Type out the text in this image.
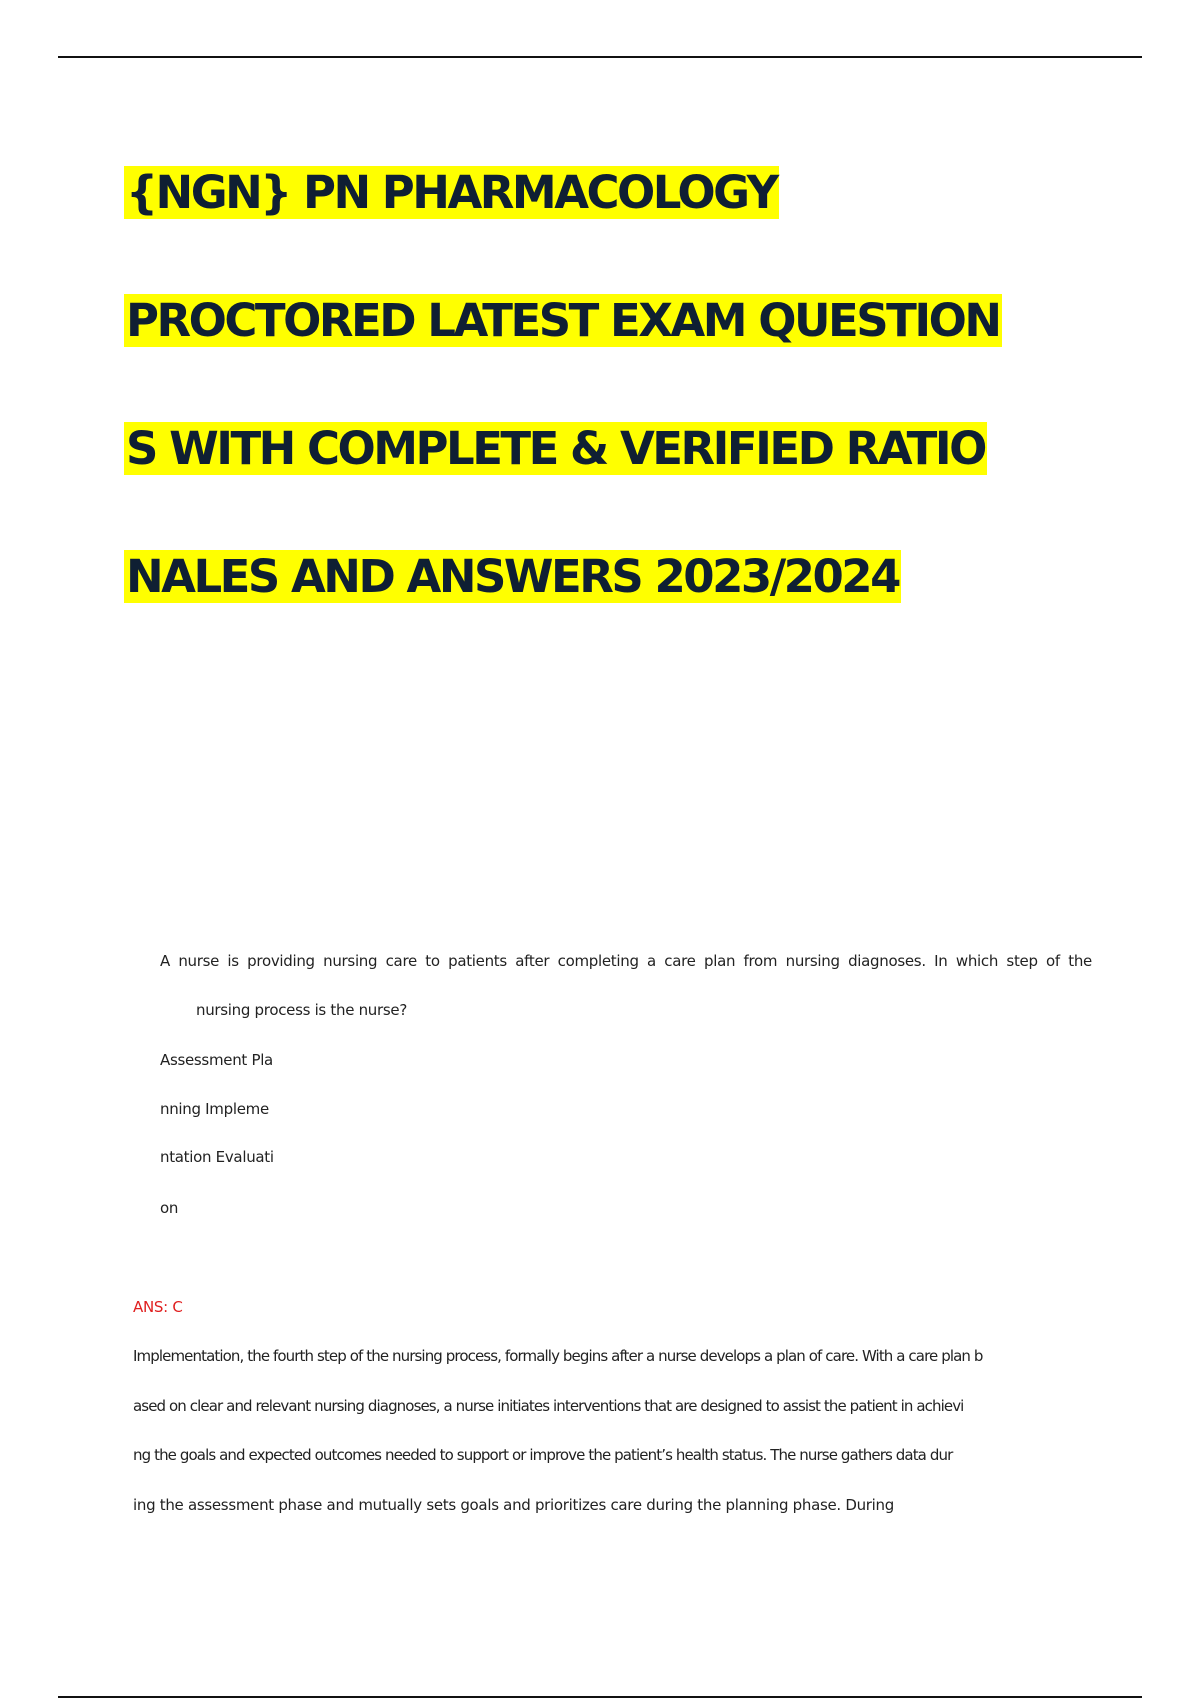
{NGN} PN PHARMACOLOGY
PROCTORED LATEST EXAM QUESTION
S WITH COMPLETE & VERIFIED RATIO
NALES AND ANSWERS 2023/2024

A nurse is providing nursing care to patients after completing a care plan from nursing diagnoses. In which step of the

nursing process is the nurse?

Assessment Pla

nning Impleme

ntation Evaluati

on

ANS: C

Implementation, the fourth step of the nursing process, formally begins after a nurse develops a plan of care. With a care plan b

ased on clear and relevant nursing diagnoses, a nurse initiates interventions that are designed to assist the patient in achievi

ng the goals and expected outcomes needed to support or improve the patient’s health status. The nurse gathers data dur

ing the assessment phase and mutually sets goals and prioritizes care during the planning phase. During
